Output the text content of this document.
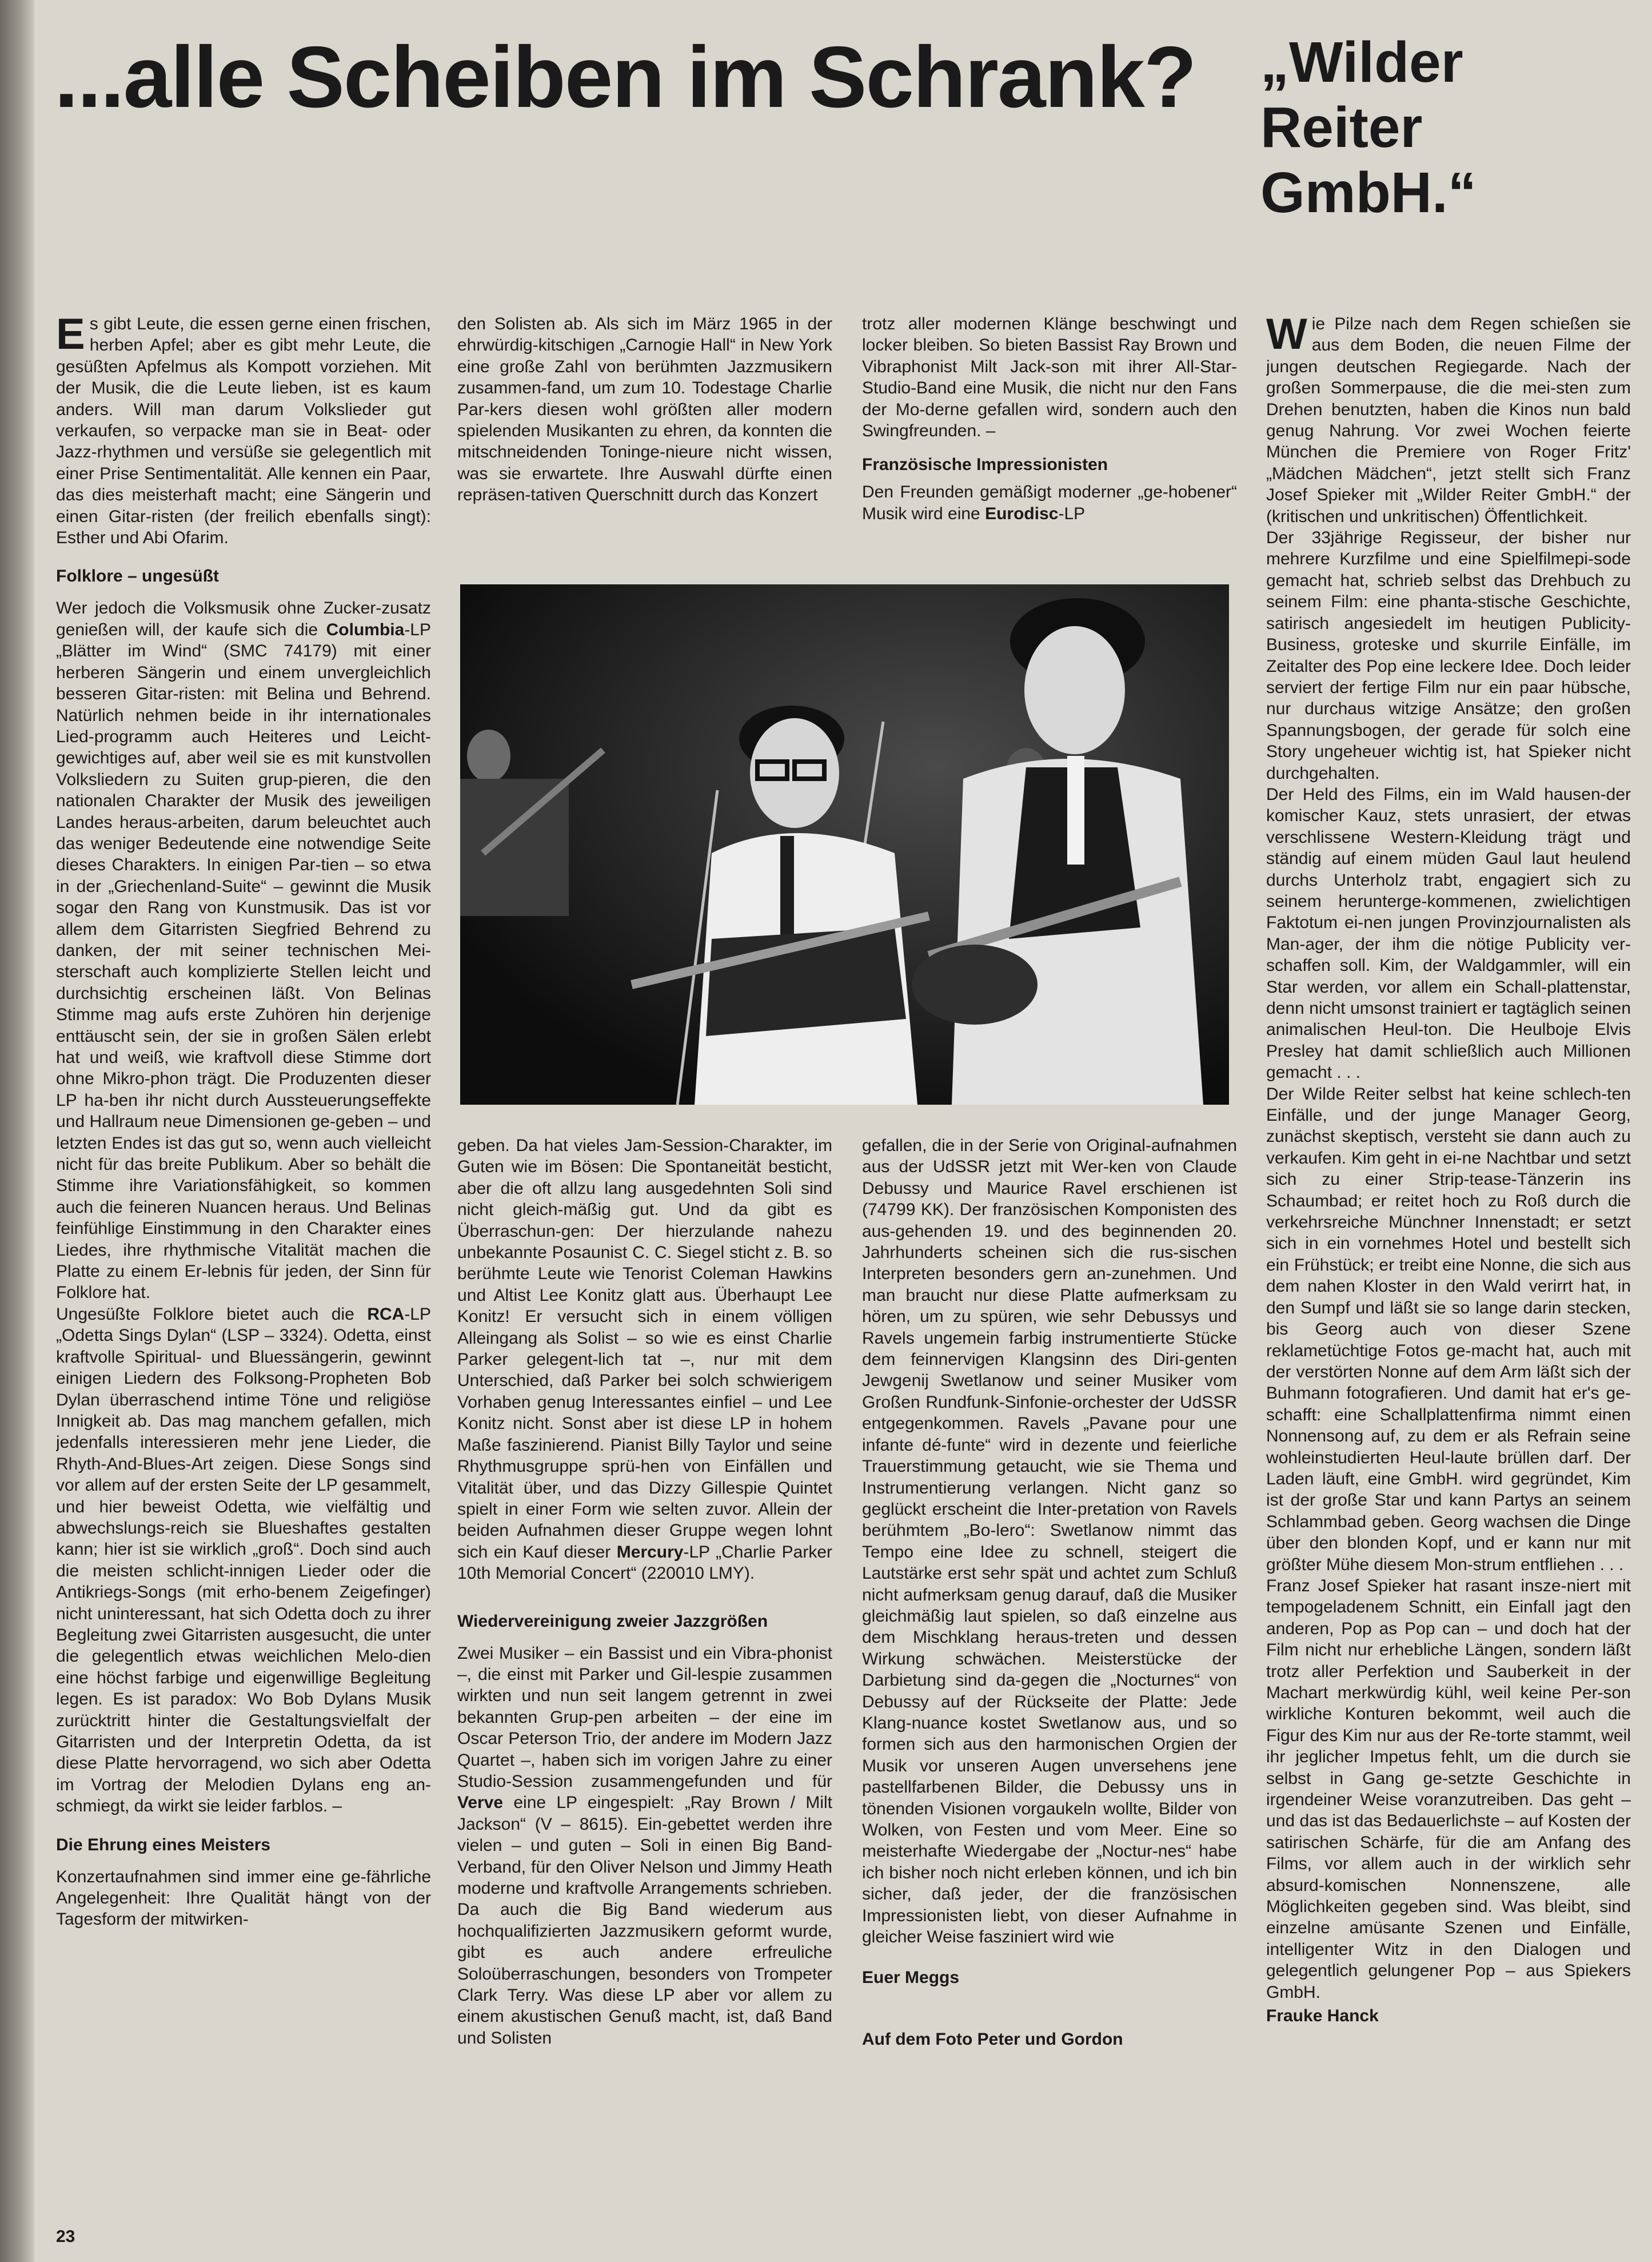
...alle Scheiben im Schrank? „Wilder Reiter GmbH.“

Es gibt Leute, die essen gerne einen frischen, herben Apfel; aber es gibt mehr Leute, die gesüßten Apfelmus als Kompott vorziehen. Mit der Musik, die die Leute lieben, ist es kaum anders. Will man darum Volkslieder gut verkaufen, so verpacke man sie in Beat- oder Jazz-rhythmen und versüße sie gelegentlich mit einer Prise Sentimentalität. Alle kennen ein Paar, das dies meisterhaft macht; eine Sängerin und einen Gitar-risten (der freilich ebenfalls singt): Esther und Abi Ofarim.

Folklore – ungesüßt

Wer jedoch die Volksmusik ohne Zucker-zusatz genießen will, der kaufe sich die Columbia-LP „Blätter im Wind“ (SMC 74179) mit einer herberen Sängerin und einem unvergleichlich besseren Gitar-risten: mit Belina und Behrend. Natürlich nehmen beide in ihr internationales Lied-programm auch Heiteres und Leicht-gewichtiges auf, aber weil sie es mit kunstvollen Volksliedern zu Suiten grup-pieren, die den nationalen Charakter der Musik des jeweiligen Landes heraus-arbeiten, darum beleuchtet auch das weniger Bedeutende eine notwendige Seite dieses Charakters. In einigen Par-tien – so etwa in der „Griechenland-Suite“ – gewinnt die Musik sogar den Rang von Kunstmusik. Das ist vor allem dem Gitarristen Siegfried Behrend zu danken, der mit seiner technischen Mei-sterschaft auch komplizierte Stellen leicht und durchsichtig erscheinen läßt. Von Belinas Stimme mag aufs erste Zuhören hin derjenige enttäuscht sein, der sie in großen Sälen erlebt hat und weiß, wie kraftvoll diese Stimme dort ohne Mikro-phon trägt. Die Produzenten dieser LP ha-ben ihr nicht durch Aussteuerungseffekte und Hallraum neue Dimensionen ge-geben – und letzten Endes ist das gut so, wenn auch vielleicht nicht für das breite Publikum. Aber so behält die Stimme ihre Variationsfähigkeit, so kommen auch die feineren Nuancen heraus. Und Belinas feinfühlige Einstimmung in den Charakter eines Liedes, ihre rhythmische Vitalität machen die Platte zu einem Er-lebnis für jeden, der Sinn für Folklore hat.

Ungesüßte Folklore bietet auch die RCA-LP „Odetta Sings Dylan“ (LSP – 3324). Odetta, einst kraftvolle Spiritual- und Bluessängerin, gewinnt einigen Liedern des Folksong-Propheten Bob Dylan überraschend intime Töne und religiöse Innigkeit ab. Das mag manchem gefallen, mich jedenfalls interessieren mehr jene Lieder, die Rhyth-And-Blues-Art zeigen. Diese Songs sind vor allem auf der ersten Seite der LP gesammelt, und hier beweist Odetta, wie vielfältig und abwechslungs-reich sie Blueshaftes gestalten kann; hier ist sie wirklich „groß“. Doch sind auch die meisten schlicht-innigen Lieder oder die Antikriegs-Songs (mit erho-benem Zeigefinger) nicht uninteressant, hat sich Odetta doch zu ihrer Begleitung zwei Gitarristen ausgesucht, die unter die gelegentlich etwas weichlichen Melo-dien eine höchst farbige und eigenwillige Begleitung legen. Es ist paradox: Wo Bob Dylans Musik zurücktritt hinter die Gestaltungsvielfalt der Gitarristen und der Interpretin Odetta, da ist diese Platte hervorragend, wo sich aber Odetta im Vortrag der Melodien Dylans eng an-schmiegt, da wirkt sie leider farblos. –

Die Ehrung eines Meisters

Konzertaufnahmen sind immer eine ge-fährliche Angelegenheit: Ihre Qualität hängt von der Tagesform der mitwirken-

den Solisten ab. Als sich im März 1965 in der ehrwürdig-kitschigen „Carnogie Hall“ in New York eine große Zahl von berühmten Jazzmusikern zusammen-fand, um zum 10. Todestage Charlie Par-kers diesen wohl größten aller modern spielenden Musikanten zu ehren, da konnten die mitschneidenden Toninge-nieure nicht wissen, was sie erwartete. Ihre Auswahl dürfte einen repräsen-tativen Querschnitt durch das Konzert

trotz aller modernen Klänge beschwingt und locker bleiben. So bieten Bassist Ray Brown und Vibraphonist Milt Jack-son mit ihrer All-Star-Studio-Band eine Musik, die nicht nur den Fans der Mo-derne gefallen wird, sondern auch den Swingfreunden. –

Französische Impressionisten

Den Freunden gemäßigt moderner „ge-hobener“ Musik wird eine Eurodisc-LP

geben. Da hat vieles Jam-Session-Charakter, im Guten wie im Bösen: Die Spontaneität besticht, aber die oft allzu lang ausgedehnten Soli sind nicht gleich-mäßig gut. Und da gibt es Überraschun-gen: Der hierzulande nahezu unbekannte Posaunist C. C. Siegel sticht z. B. so berühmte Leute wie Tenorist Coleman Hawkins und Altist Lee Konitz glatt aus. Überhaupt Lee Konitz! Er versucht sich in einem völligen Alleingang als Solist – so wie es einst Charlie Parker gelegent-lich tat –, nur mit dem Unterschied, daß Parker bei solch schwierigem Vorhaben genug Interessantes einfiel – und Lee Konitz nicht. Sonst aber ist diese LP in hohem Maße faszinierend. Pianist Billy Taylor und seine Rhythmusgruppe sprü-hen von Einfällen und Vitalität über, und das Dizzy Gillespie Quintet spielt in einer Form wie selten zuvor. Allein der beiden Aufnahmen dieser Gruppe wegen lohnt sich ein Kauf dieser Mercury-LP „Charlie Parker 10th Memorial Concert“ (220010 LMY).

Wiedervereinigung zweier Jazzgrößen

Zwei Musiker – ein Bassist und ein Vibra-phonist –, die einst mit Parker und Gil-lespie zusammen wirkten und nun seit langem getrennt in zwei bekannten Grup-pen arbeiten – der eine im Oscar Peterson Trio, der andere im Modern Jazz Quartet –, haben sich im vorigen Jahre zu einer Studio-Session zusammengefunden und für Verve eine LP eingespielt: „Ray Brown / Milt Jackson“ (V – 8615). Ein-gebettet werden ihre vielen – und guten – Soli in einen Big Band-Verband, für den Oliver Nelson und Jimmy Heath moderne und kraftvolle Arrangements schrieben. Da auch die Big Band wiederum aus hochqualifizierten Jazzmusikern geformt wurde, gibt es auch andere erfreuliche Soloüberraschungen, besonders von Trompeter Clark Terry. Was diese LP aber vor allem zu einem akustischen Genuß macht, ist, daß Band und Solisten

gefallen, die in der Serie von Original-aufnahmen aus der UdSSR jetzt mit Wer-ken von Claude Debussy und Maurice Ravel erschienen ist (74799 KK). Der französischen Komponisten des aus-gehenden 19. und des beginnenden 20. Jahrhunderts scheinen sich die rus-sischen Interpreten besonders gern an-zunehmen. Und man braucht nur diese Platte aufmerksam zu hören, um zu spüren, wie sehr Debussys und Ravels ungemein farbig instrumentierte Stücke dem feinnervigen Klangsinn des Diri-genten Jewgenij Swetlanow und seiner Musiker vom Großen Rundfunk-Sinfonie-orchester der UdSSR entgegenkommen. Ravels „Pavane pour une infante dé-funte“ wird in dezente und feierliche Trauerstimmung getaucht, wie sie Thema und Instrumentierung verlangen. Nicht ganz so geglückt erscheint die Inter-pretation von Ravels berühmtem „Bo-lero“: Swetlanow nimmt das Tempo eine Idee zu schnell, steigert die Lautstärke erst sehr spät und achtet zum Schluß nicht aufmerksam genug darauf, daß die Musiker gleichmäßig laut spielen, so daß einzelne aus dem Mischklang heraus-treten und dessen Wirkung schwächen. Meisterstücke der Darbietung sind da-gegen die „Nocturnes“ von Debussy auf der Rückseite der Platte: Jede Klang-nuance kostet Swetlanow aus, und so formen sich aus den harmonischen Orgien der Musik vor unseren Augen unversehens jene pastellfarbenen Bilder, die Debussy uns in tönenden Visionen vorgaukeln wollte, Bilder von Wolken, von Festen und vom Meer. Eine so meisterhafte Wiedergabe der „Noctur-nes“ habe ich bisher noch nicht erleben können, und ich bin sicher, daß jeder, der die französischen Impressionisten liebt, von dieser Aufnahme in gleicher Weise fasziniert wird wie

Euer Meggs

Auf dem Foto Peter und Gordon

Wie Pilze nach dem Regen schießen sie aus dem Boden, die neuen Filme der jungen deutschen Regiegarde. Nach der großen Sommerpause, die die mei-sten zum Drehen benutzten, haben die Kinos nun bald genug Nahrung. Vor zwei Wochen feierte München die Premiere von Roger Fritz' „Mädchen Mädchen“, jetzt stellt sich Franz Josef Spieker mit „Wilder Reiter GmbH.“ der (kritischen und unkritischen) Öffentlichkeit.

Der 33jährige Regisseur, der bisher nur mehrere Kurzfilme und eine Spielfilmepi-sode gemacht hat, schrieb selbst das Drehbuch zu seinem Film: eine phanta-stische Geschichte, satirisch angesiedelt im heutigen Publicity-Business, groteske und skurrile Einfälle, im Zeitalter des Pop eine leckere Idee. Doch leider serviert der fertige Film nur ein paar hübsche, nur durchaus witzige Ansätze; den großen Spannungsbogen, der gerade für solch eine Story ungeheuer wichtig ist, hat Spieker nicht durchgehalten.

Der Held des Films, ein im Wald hausen-der komischer Kauz, stets unrasiert, der etwas verschlissene Western-Kleidung trägt und ständig auf einem müden Gaul laut heulend durchs Unterholz trabt, engagiert sich zu seinem herunterge-kommenen, zwielichtigen Faktotum ei-nen jungen Provinzjournalisten als Man-ager, der ihm die nötige Publicity ver-schaffen soll. Kim, der Waldgammler, will ein Star werden, vor allem ein Schall-plattenstar, denn nicht umsonst trainiert er tagtäglich seinen animalischen Heul-ton. Die Heulboje Elvis Presley hat damit schließlich auch Millionen gemacht . . .

Der Wilde Reiter selbst hat keine schlech-ten Einfälle, und der junge Manager Georg, zunächst skeptisch, versteht sie dann auch zu verkaufen. Kim geht in ei-ne Nachtbar und setzt sich zu einer Strip-tease-Tänzerin ins Schaumbad; er reitet hoch zu Roß durch die verkehrsreiche Münchner Innenstadt; er setzt sich in ein vornehmes Hotel und bestellt sich ein Frühstück; er treibt eine Nonne, die sich aus dem nahen Kloster in den Wald verirrt hat, in den Sumpf und läßt sie so lange darin stecken, bis Georg auch von dieser Szene reklametüchtige Fotos ge-macht hat, auch mit der verstörten Nonne auf dem Arm läßt sich der Buhmann fotografieren. Und damit hat er's ge-schafft: eine Schallplattenfirma nimmt einen Nonnensong auf, zu dem er als Refrain seine wohleinstudierten Heul-laute brüllen darf. Der Laden läuft, eine GmbH. wird gegründet, Kim ist der große Star und kann Partys an seinem Schlammbad geben. Georg wachsen die Dinge über den blonden Kopf, und er kann nur mit größter Mühe diesem Mon-strum entfliehen . . .

Franz Josef Spieker hat rasant insze-niert mit tempogeladenem Schnitt, ein Einfall jagt den anderen, Pop as Pop can – und doch hat der Film nicht nur erhebliche Längen, sondern läßt trotz aller Perfektion und Sauberkeit in der Machart merkwürdig kühl, weil keine Per-son wirkliche Konturen bekommt, weil auch die Figur des Kim nur aus der Re-torte stammt, weil ihr jeglicher Impetus fehlt, um die durch sie selbst in Gang ge-setzte Geschichte in irgendeiner Weise voranzutreiben. Das geht – und das ist das Bedauerlichste – auf Kosten der satirischen Schärfe, für die am Anfang des Films, vor allem auch in der wirklich sehr absurd-komischen Nonnenszene, alle Möglichkeiten gegeben sind. Was bleibt, sind einzelne amüsante Szenen und Einfälle, intelligenter Witz in den Dialogen und gelegentlich gelungener Pop – aus Spiekers GmbH.

Frauke Hanck

23
